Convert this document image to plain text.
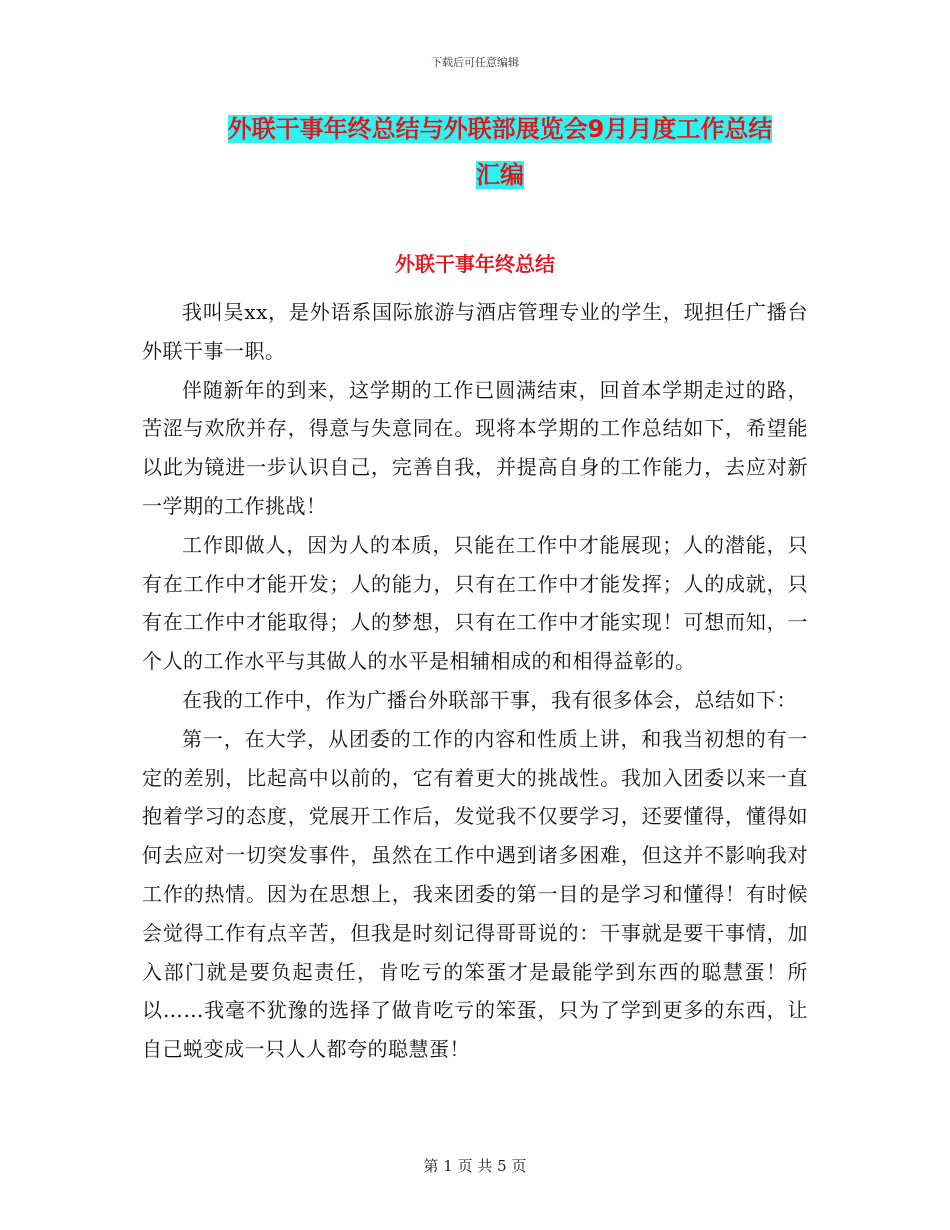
下载后可任意编辑
外联干事年终总结与外联部展览会9月月度工作总结
汇编
外联干事年终总结

我叫吴xx，是外语系国际旅游与酒店管理专业的学生，现担任广播台外联干事一职。

伴随新年的到来，这学期的工作已圆满结束，回首本学期走过的路，苦涩与欢欣并存，得意与失意同在。现将本学期的工作总结如下，希望能以此为镜进一步认识自己，完善自我，并提高自身的工作能力，去应对新一学期的工作挑战！

工作即做人，因为人的本质，只能在工作中才能展现；人的潜能，只有在工作中才能开发；人的能力，只有在工作中才能发挥；人的成就，只有在工作中才能取得；人的梦想，只有在工作中才能实现！可想而知，一个人的工作水平与其做人的水平是相辅相成的和相得益彰的。

在我的工作中，作为广播台外联部干事，我有很多体会，总结如下：

第一，在大学，从团委的工作的内容和性质上讲，和我当初想的有一定的差别，比起高中以前的，它有着更大的挑战性。我加入团委以来一直抱着学习的态度，党展开工作后，发觉我不仅要学习，还要懂得，懂得如何去应对一切突发事件，虽然在工作中遇到诸多困难，但这并不影响我对工作的热情。因为在思想上，我来团委的第一目的是学习和懂得！有时候会觉得工作有点辛苦，但我是时刻记得哥哥说的：干事就是要干事情，加入部门就是要负起责任，肯吃亏的笨蛋才是最能学到东西的聪慧蛋！所以……我毫不犹豫的选择了做肯吃亏的笨蛋，只为了学到更多的东西，让自己蜕变成一只人人都夸的聪慧蛋！

第 1 页 共 5 页
